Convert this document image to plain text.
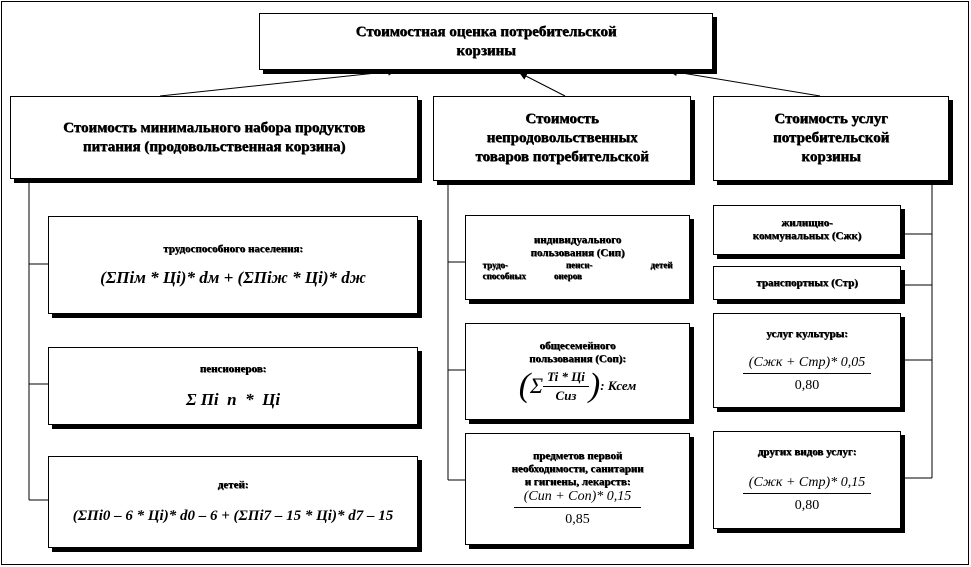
Стоимостная оценка потребительской
корзины
Стоимость минимального набора продуктов
питания (продовольственная корзина)
Стоимость
непродовольственных
товаров потребительской
Стоимость услуг
потребительской
корзины
трудоспособного населения:
(ΣПiм * Цi)* dм + (ΣПiж * Цi)* dж
пенсионеров:
Σ Пi  п  *  Цi
детей:
(ΣПi0 – 6 * Цi)* d0 – 6 + (ΣПi7 – 15 * Цi)* d7 – 15
индивидуального
пользования (Сип)
трудо-	пенси-	детей
способных	онеров
общесемейного
пользования (Соп):
( Σ $\frac{Ti * Цi}{\text{Сиз}}$ ) : Ксем
предметов первой
необходимости, санитарии
и гигиены, лекарств:
$\frac{\text{(Сип + Соп)* 0,15}}{0,85}$
жилищно-
коммунальных (Сжк)
транспортных (Стр)
услуг культуры:
$\frac{\text{(Сжк + Стр)* 0,05}}{0,80}$
других видов услуг:
$\frac{\text{(Сжк + Стр)* 0,15}}{0,80}$
